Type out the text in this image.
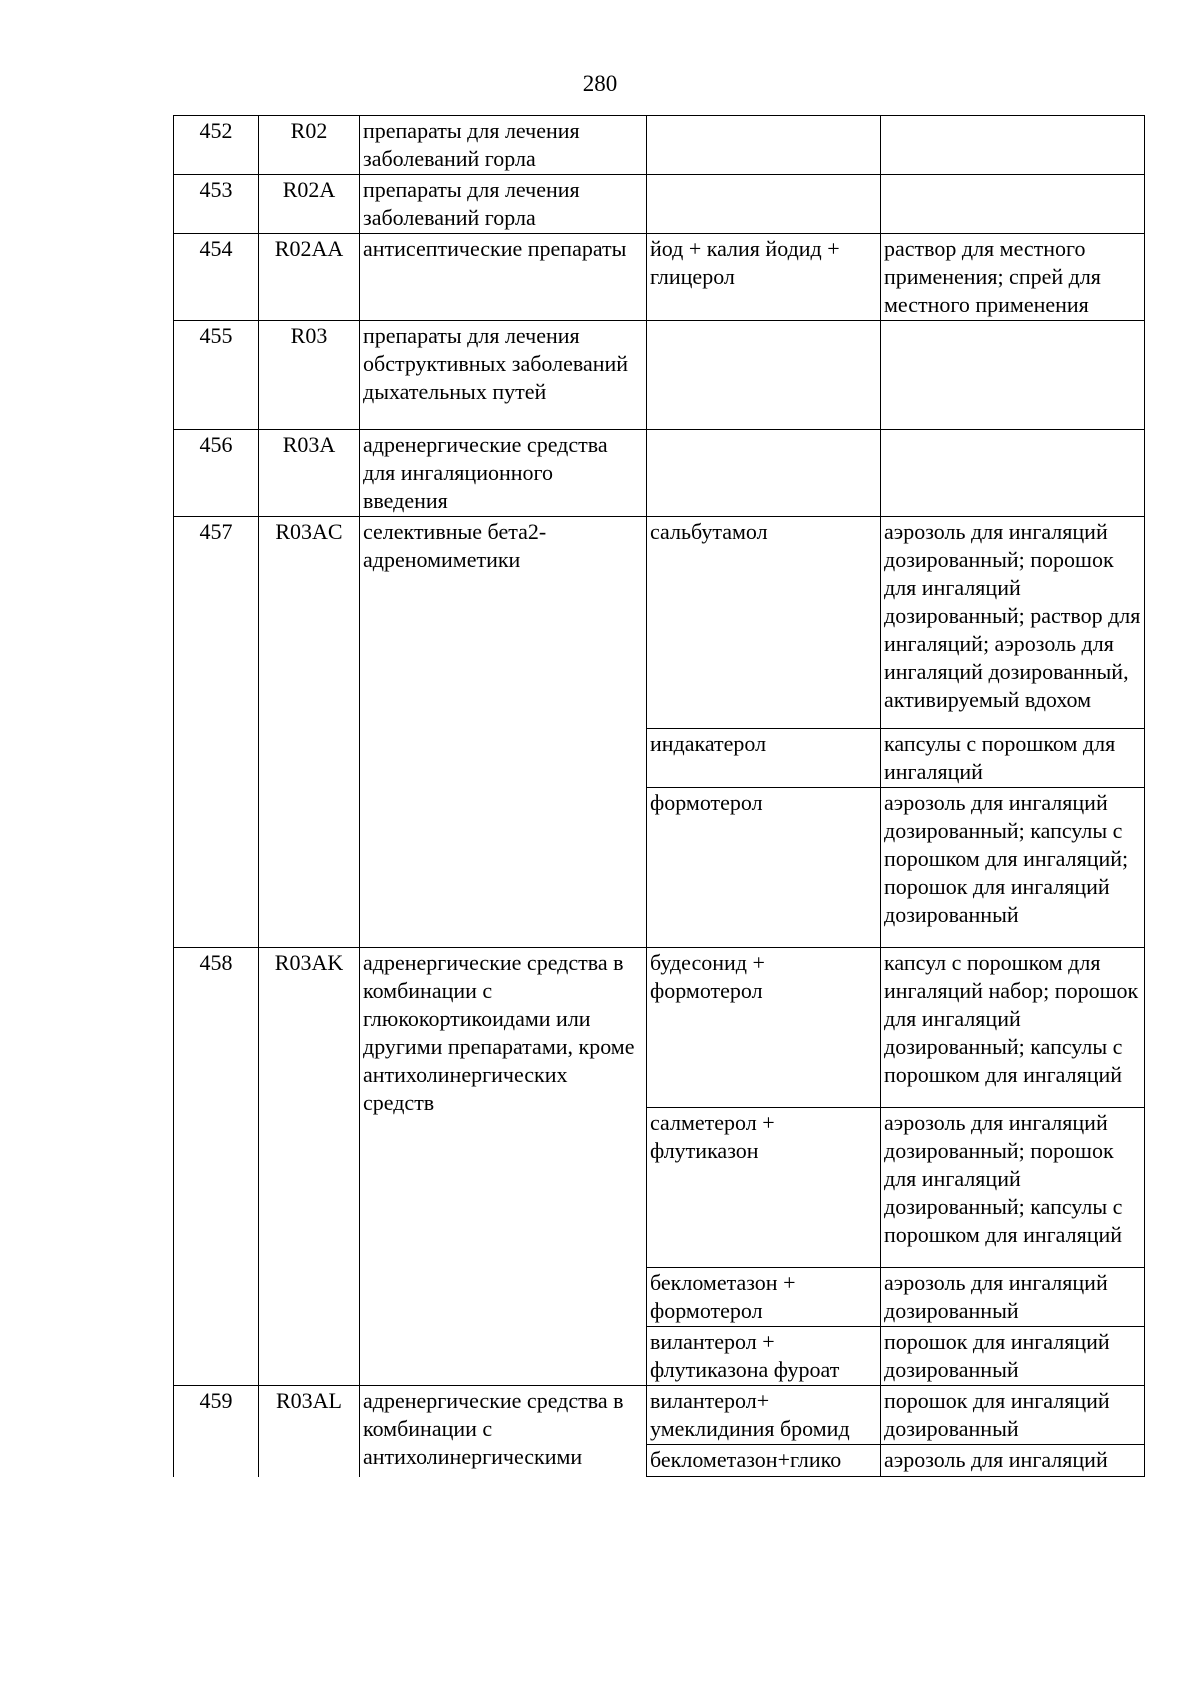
280
452	R02	препараты для лечения заболеваний горла		
453	R02A	препараты для лечения заболеваний горла		
454	R02AA	антисептические препараты	йод + калия йодид + глицерол	раствор для местного применения; спрей для местного применения
455	R03	препараты для лечения обструктивных заболеваний дыхательных путей		
456	R03A	адренергические средства для ингаляционного введения		
457	R03AC	селективные бета2-адреномиметики	сальбутамол	аэрозоль для ингаляций дозированный; порошок для ингаляций дозированный; раствор для ингаляций; аэрозоль для ингаляций дозированный, активируемый вдохом
			индакатерол	капсулы с порошком для ингаляций
			формотерол	аэрозоль для ингаляций дозированный; капсулы с порошком для ингаляций; порошок для ингаляций дозированный
458	R03AK	адренергические средства в комбинации с глюкокортикоидами или другими препаратами, кроме антихолинергических средств	будесонид + формотерол	капсул с порошком для ингаляций набор; порошок для ингаляций дозированный; капсулы с порошком для ингаляций
			салметерол + флутиказон	аэрозоль для ингаляций дозированный; порошок для ингаляций дозированный; капсулы с порошком для ингаляций
			беклометазон + формотерол	аэрозоль для ингаляций дозированный
			вилантерол + флутиказона фуроат	порошок для ингаляций дозированный
459	R03AL	адренергические средства в комбинации с антихолинергическими	вилантерол+ умеклидиния бромид	порошок для ингаляций дозированный
			беклометазон+глико	аэрозоль для ингаляций
